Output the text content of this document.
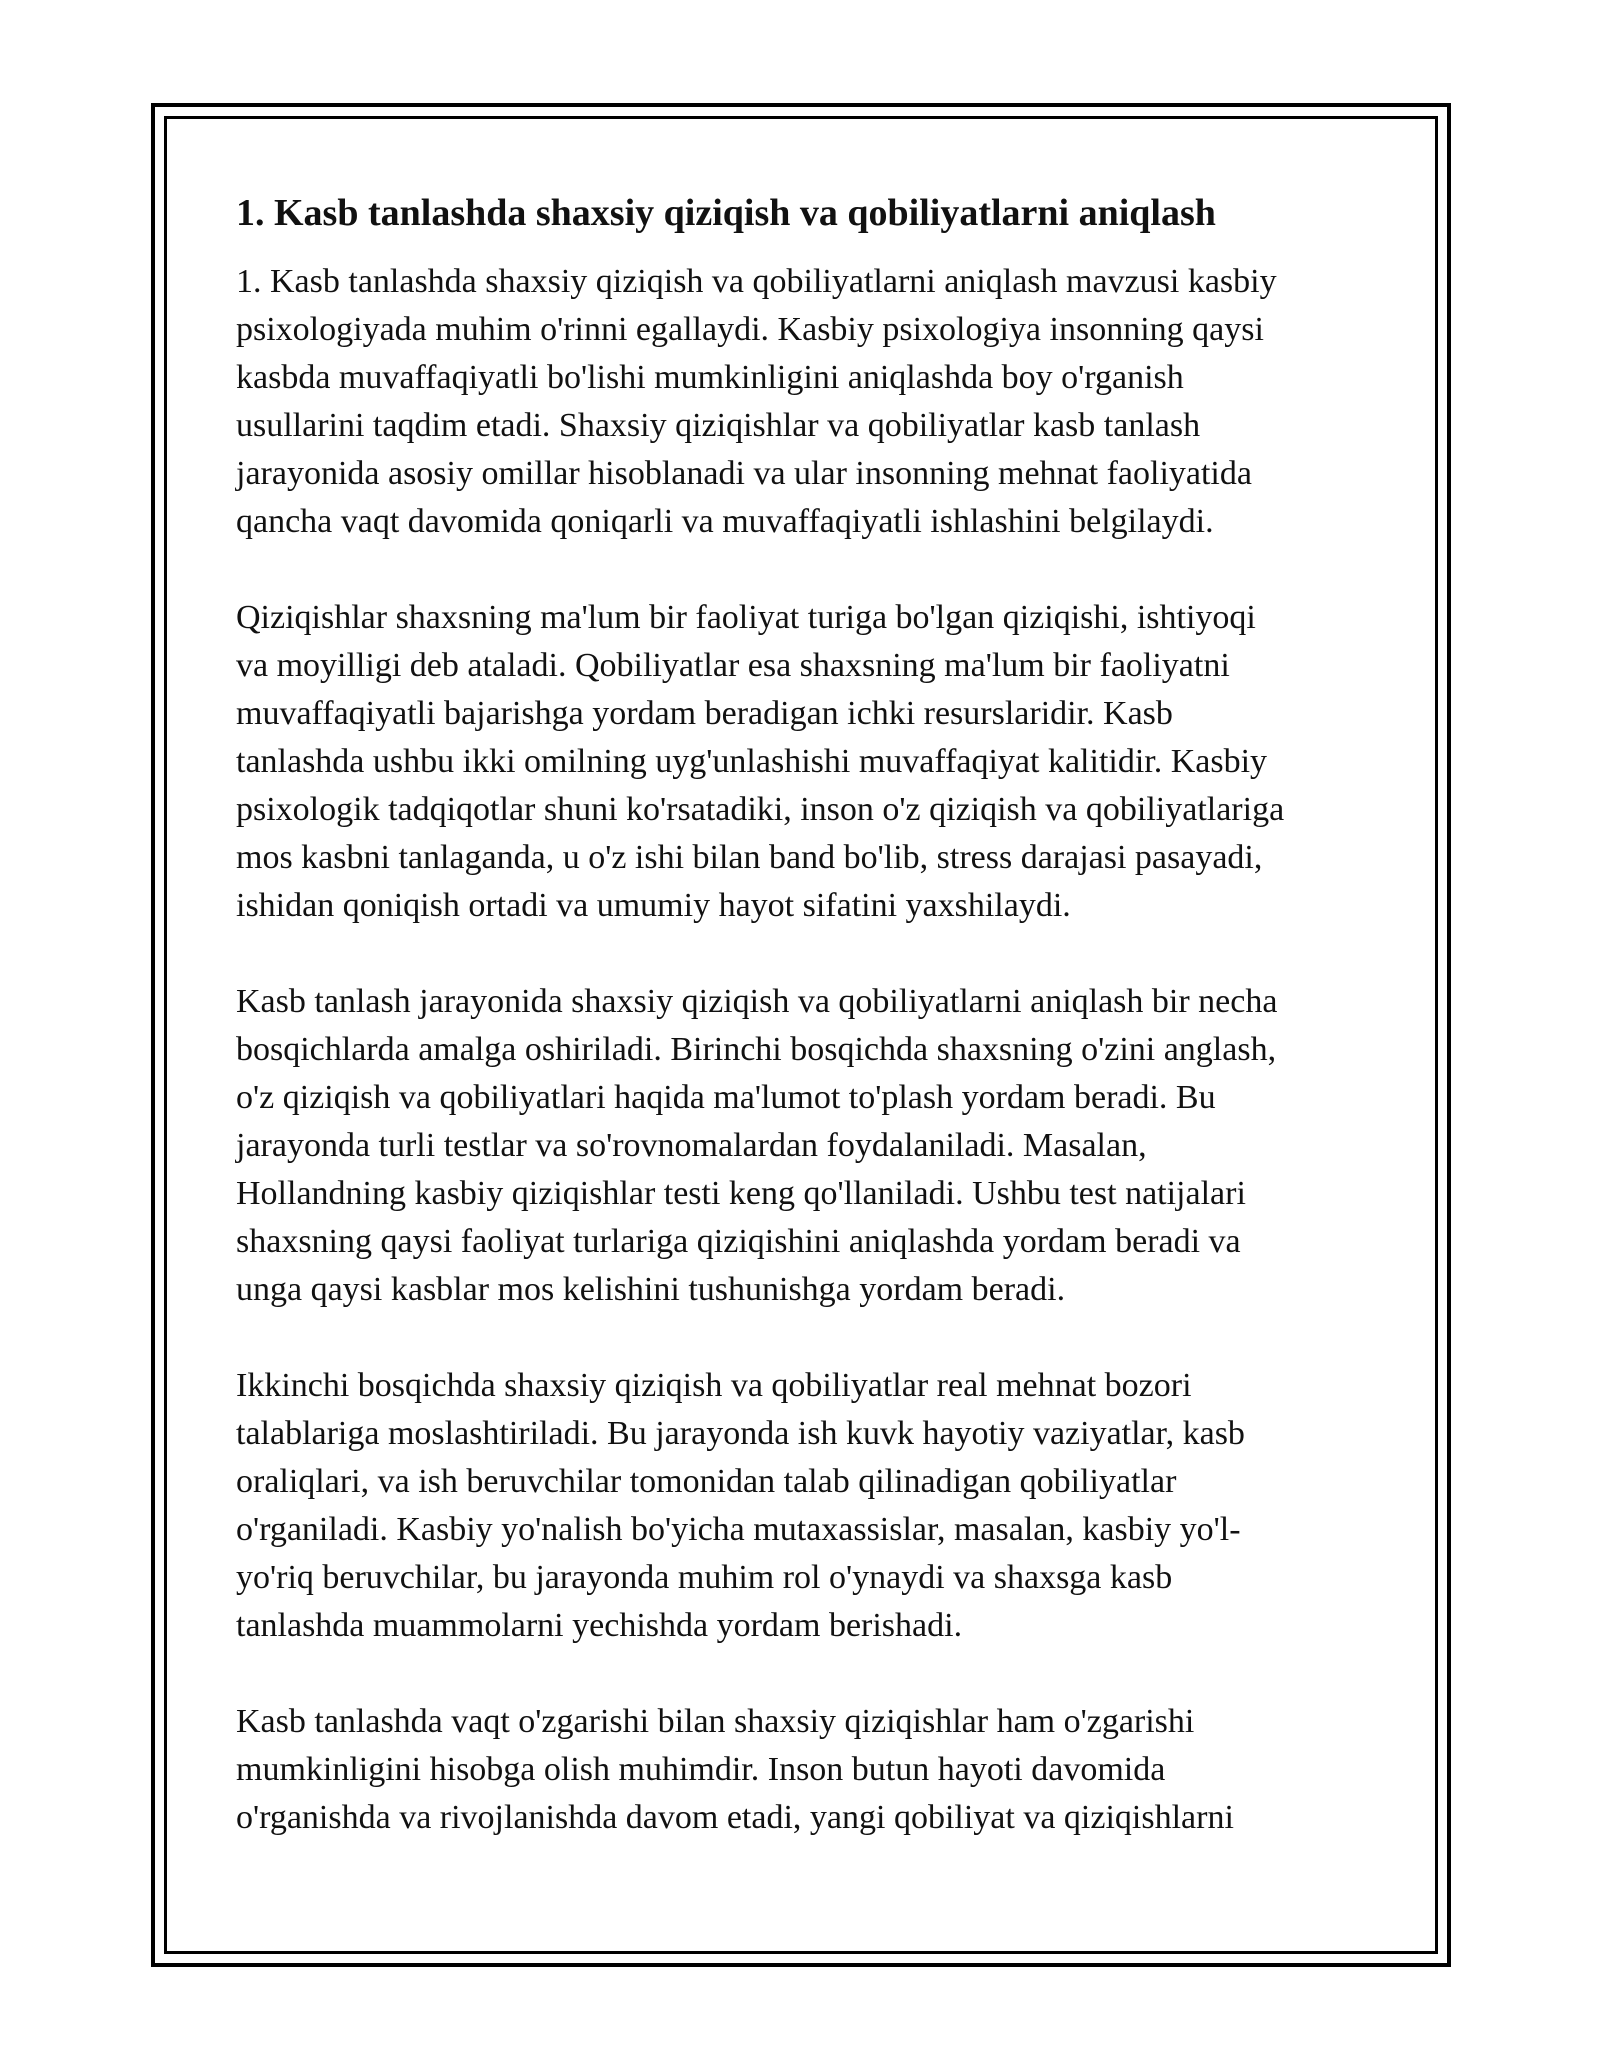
1. Kasb tanlashda shaxsiy qiziqish va qobiliyatlarni aniqlash

1. Kasb tanlashda shaxsiy qiziqish va qobiliyatlarni aniqlash mavzusi kasbiy
psixologiyada muhim o'rinni egallaydi. Kasbiy psixologiya insonning qaysi
kasbda muvaffaqiyatli bo'lishi mumkinligini aniqlashda boy o'rganish
usullarini taqdim etadi. Shaxsiy qiziqishlar va qobiliyatlar kasb tanlash
jarayonida asosiy omillar hisoblanadi va ular insonning mehnat faoliyatida
qancha vaqt davomida qoniqarli va muvaffaqiyatli ishlashini belgilaydi.

Qiziqishlar shaxsning ma'lum bir faoliyat turiga bo'lgan qiziqishi, ishtiyoqi
va moyilligi deb ataladi. Qobiliyatlar esa shaxsning ma'lum bir faoliyatni
muvaffaqiyatli bajarishga yordam beradigan ichki resurslaridir. Kasb
tanlashda ushbu ikki omilning uyg'unlashishi muvaffaqiyat kalitidir. Kasbiy
psixologik tadqiqotlar shuni ko'rsatadiki, inson o'z qiziqish va qobiliyatlariga
mos kasbni tanlaganda, u o'z ishi bilan band bo'lib, stress darajasi pasayadi,
ishidan qoniqish ortadi va umumiy hayot sifatini yaxshilaydi.

Kasb tanlash jarayonida shaxsiy qiziqish va qobiliyatlarni aniqlash bir necha
bosqichlarda amalga oshiriladi. Birinchi bosqichda shaxsning o'zini anglash,
o'z qiziqish va qobiliyatlari haqida ma'lumot to'plash yordam beradi. Bu
jarayonda turli testlar va so'rovnomalardan foydalaniladi. Masalan,
Hollandning kasbiy qiziqishlar testi keng qo'llaniladi. Ushbu test natijalari
shaxsning qaysi faoliyat turlariga qiziqishini aniqlashda yordam beradi va
unga qaysi kasblar mos kelishini tushunishga yordam beradi.

Ikkinchi bosqichda shaxsiy qiziqish va qobiliyatlar real mehnat bozori
talablariga moslashtiriladi. Bu jarayonda ish kuvk hayotiy vaziyatlar, kasb
oraliqlari, va ish beruvchilar tomonidan talab qilinadigan qobiliyatlar
o'rganiladi. Kasbiy yo'nalish bo'yicha mutaxassislar, masalan, kasbiy yo'l-
yo'riq beruvchilar, bu jarayonda muhim rol o'ynaydi va shaxsga kasb
tanlashda muammolarni yechishda yordam berishadi.

Kasb tanlashda vaqt o'zgarishi bilan shaxsiy qiziqishlar ham o'zgarishi
mumkinligini hisobga olish muhimdir. Inson butun hayoti davomida
o'rganishda va rivojlanishda davom etadi, yangi qobiliyat va qiziqishlarni
